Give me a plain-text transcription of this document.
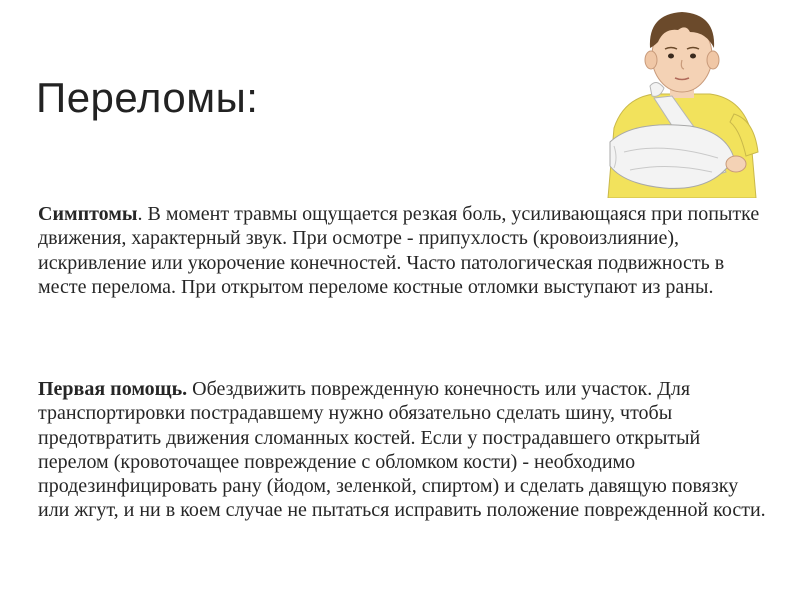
Переломы:

Симптомы. В момент травмы ощущается резкая боль, усиливающаяся при попытке движения, характерный звук. При осмотре - припухлость (кровоизлияние), искривление или укорочение конечностей. Часто патологическая подвижность в месте перелома. При открытом переломе костные отломки выступают из раны.

Первая помощь. Обездвижить поврежденную конечность или участок. Для транспортировки пострадавшему нужно обязательно сделать шину, чтобы предотвратить движения сломанных костей. Если у пострадавшего открытый перелом (кровоточащее повреждение с обломком кости) - необходимо продезинфицировать рану (йодом, зеленкой, спиртом) и сделать давящую повязку или жгут, и ни в коем случае не пытаться исправить положение поврежденной кости.
